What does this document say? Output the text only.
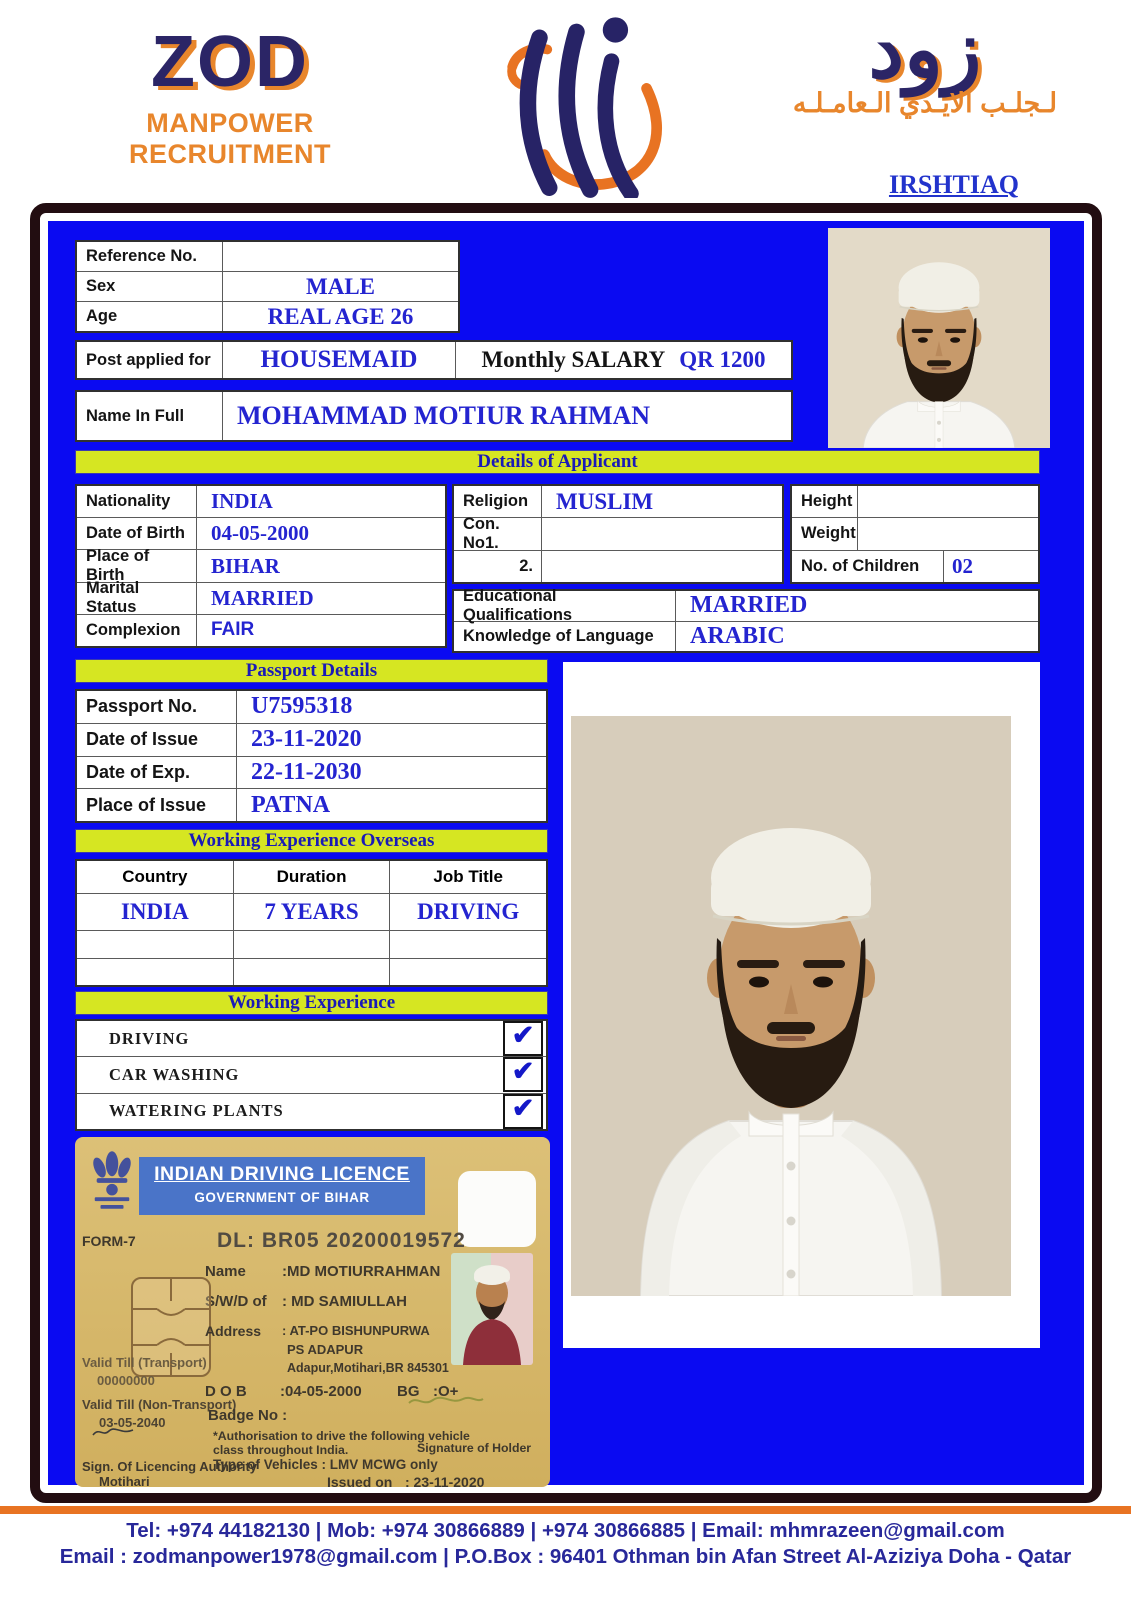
ZOD
MANPOWER RECRUITMENT
زود
لـجلـب الايـدي الـعامـلـه
IRSHTIAQ
Reference No.
Sex	MALE
Age	REAL AGE 26
Post applied for	HOUSEMAID	Monthly SALARY QR 1200
Name In Full	MOHAMMAD MOTIUR RAHMAN
Details of Applicant
Nationality	INDIA
Date of Birth	04-05-2000
Place of Birth	BIHAR
Marital Status	MARRIED
Complexion	FAIR
Religion	MUSLIM
Con. No1.
2.
Height
Weight
No. of Children	02
Educational Qualifications	MARRIED
Knowledge of Language	ARABIC
Passport Details
Passport No.	U7595318
Date of Issue	23-11-2020
Date of Exp.	22-11-2030
Place of Issue	PATNA
Working Experience Overseas
Country	Duration	Job Title
INDIA	7 YEARS	DRIVING
Working Experience
DRIVING	✔
CAR WASHING	✔
WATERING PLANTS	✔
INDIAN DRIVING LICENCE
GOVERNMENT OF BIHAR
FORM-7	DL: BR05 20200019572
Name :MD MOTIURRAHMAN
S/W/D of : MD SAMIULLAH
Address : AT-PO BISHUNPURWA
PS ADAPUR
Adapur,Motihari,BR 845301
Valid Till (Transport)
00000000
D O B :04-05-2000 BG :O+
Valid Till (Non-Transport)
03-05-2040	Badge No :
*Authorisation to drive the following vehicle
class throughout India.	Signature of Holder
Type of Vehicles : LMV MCWG only
Sign. Of Licencing Authority
Motihari	Issued on : 23-11-2020
Tel: +974 44182130 | Mob: +974 30866889 | +974 30866885 | Email: mhmrazeen@gmail.com
Email : zodmanpower1978@gmail.com | P.O.Box : 96401 Othman bin Afan Street Al-Aziziya Doha - Qatar
